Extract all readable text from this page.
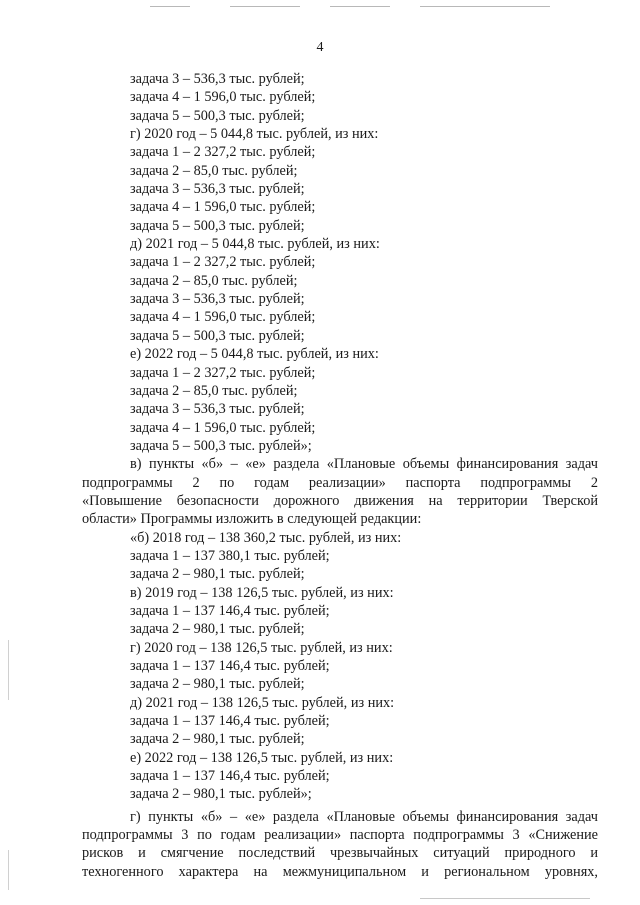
4
задача 3 – 536,3 тыс. рублей;
задача 4 – 1 596,0 тыс. рублей;
задача 5 – 500,3 тыс. рублей;
г) 2020 год – 5 044,8 тыс. рублей, из них:
задача 1 – 2 327,2 тыс. рублей;
задача 2 – 85,0 тыс. рублей;
задача 3 – 536,3 тыс. рублей;
задача 4 – 1 596,0 тыс. рублей;
задача 5 – 500,3 тыс. рублей;
д) 2021 год – 5 044,8 тыс. рублей, из них:
задача 1 – 2 327,2 тыс. рублей;
задача 2 – 85,0 тыс. рублей;
задача 3 – 536,3 тыс. рублей;
задача 4 – 1 596,0 тыс. рублей;
задача 5 – 500,3 тыс. рублей;
е) 2022 год – 5 044,8 тыс. рублей, из них:
задача 1 – 2 327,2 тыс. рублей;
задача 2 – 85,0 тыс. рублей;
задача 3 – 536,3 тыс. рублей;
задача 4 – 1 596,0 тыс. рублей;
задача 5 – 500,3 тыс. рублей»;
в) пункты «б» – «е» раздела «Плановые объемы финансирования задач
подпрограммы 2 по годам реализации» паспорта подпрограммы 2
«Повышение безопасности дорожного движения на территории Тверской
области» Программы изложить в следующей редакции:
«б) 2018 год – 138 360,2 тыс. рублей, из них:
задача 1 – 137 380,1 тыс. рублей;
задача 2 – 980,1 тыс. рублей;
в) 2019 год – 138 126,5 тыс. рублей, из них:
задача 1 – 137 146,4 тыс. рублей;
задача 2 – 980,1 тыс. рублей;
г) 2020 год – 138 126,5 тыс. рублей, из них:
задача 1 – 137 146,4 тыс. рублей;
задача 2 – 980,1 тыс. рублей;
д) 2021 год – 138 126,5 тыс. рублей, из них:
задача 1 – 137 146,4 тыс. рублей;
задача 2 – 980,1 тыс. рублей;
е) 2022 год – 138 126,5 тыс. рублей, из них:
задача 1 – 137 146,4 тыс. рублей;
задача 2 – 980,1 тыс. рублей»;
г) пункты «б» – «е» раздела «Плановые объемы финансирования задач
подпрограммы 3 по годам реализации» паспорта подпрограммы 3 «Снижение
рисков и смягчение последствий чрезвычайных ситуаций природного и
техногенного характера на межмуниципальном и региональном уровнях,
